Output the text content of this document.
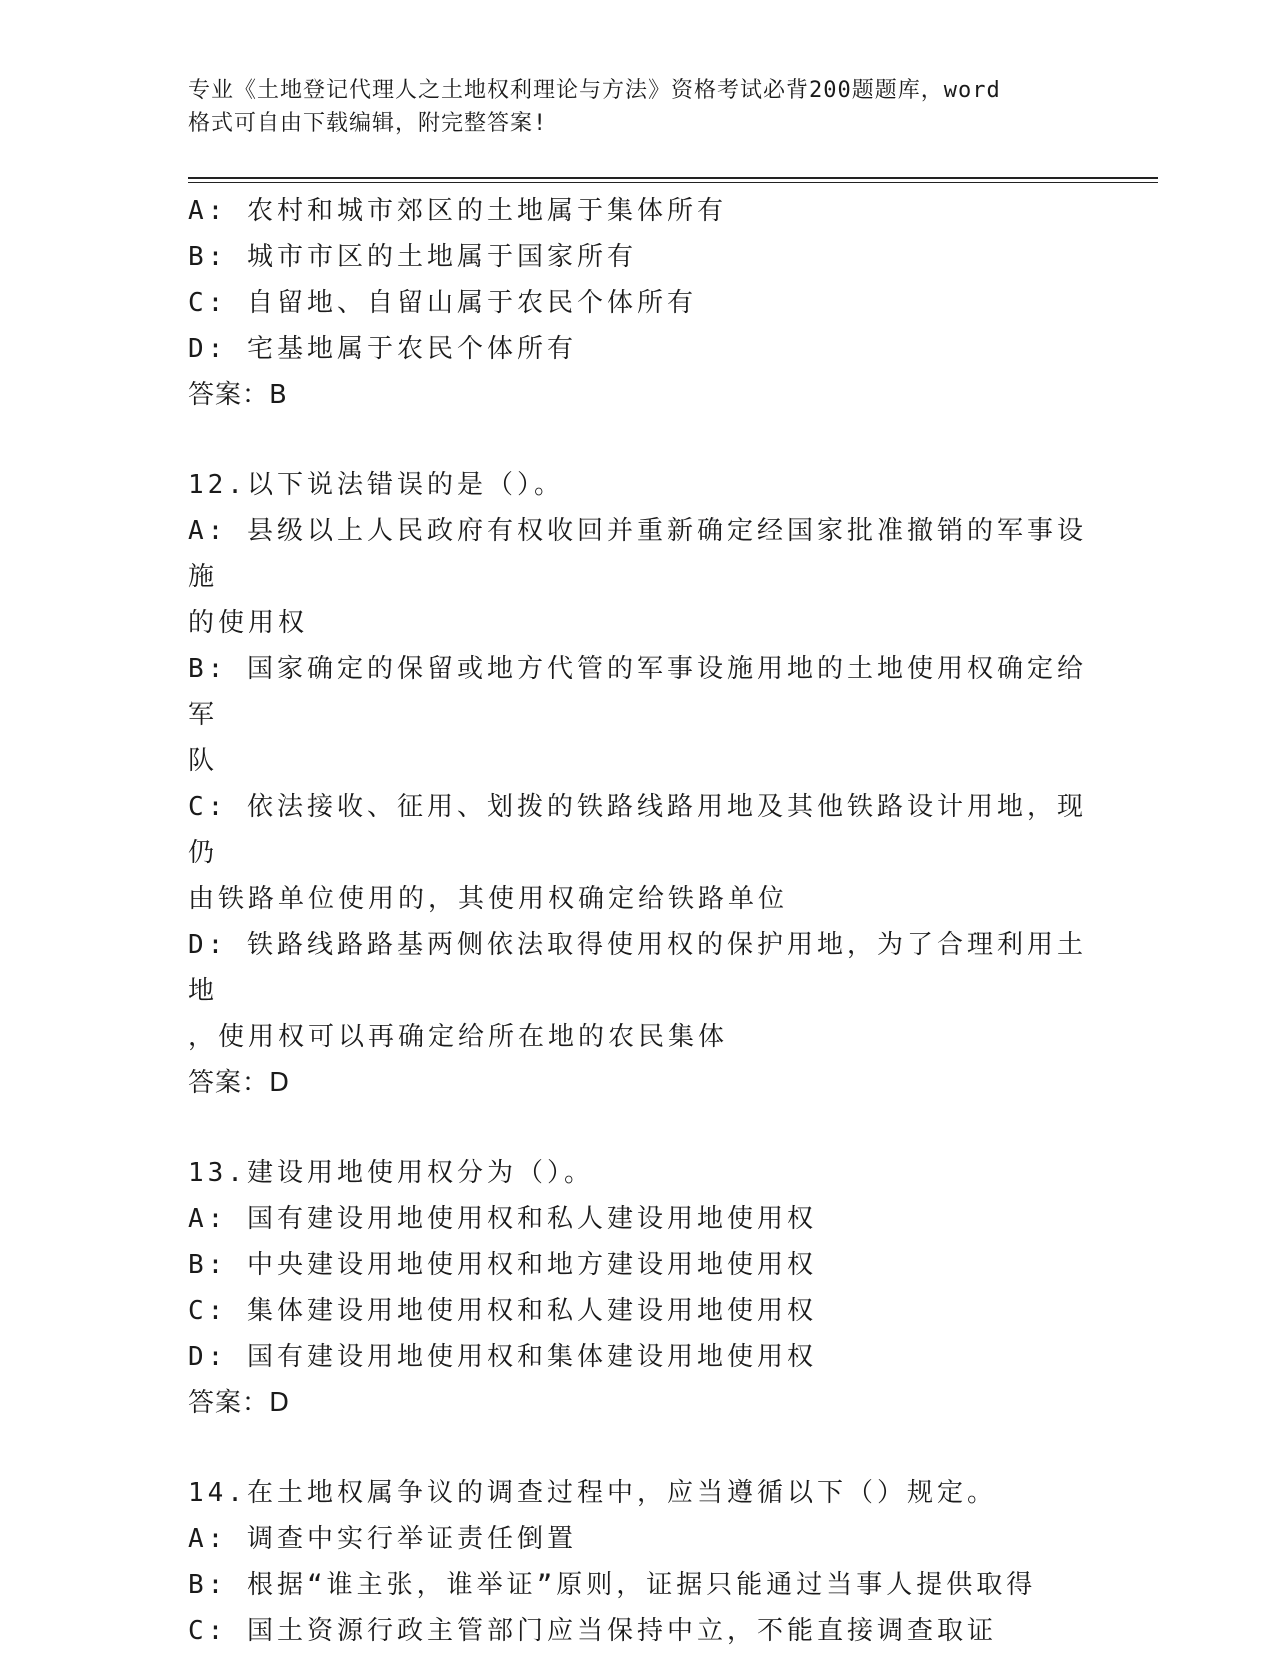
专业《土地登记代理人之土地权利理论与方法》资格考试必背200题题库，word
格式可自由下载编辑，附完整答案!

A: 农村和城市郊区的土地属于集体所有

B: 城市市区的土地属于国家所有

C: 自留地、自留山属于农民个体所有

D: 宅基地属于农民个体所有

答案：B

12.以下说法错误的是（）。

A: 县级以上人民政府有权收回并重新确定经国家批准撤销的军事设施

的使用权

B: 国家确定的保留或地方代管的军事设施用地的土地使用权确定给军

队

C: 依法接收、征用、划拨的铁路线路用地及其他铁路设计用地，现仍

由铁路单位使用的，其使用权确定给铁路单位

D: 铁路线路路基两侧依法取得使用权的保护用地，为了合理利用土地

，使用权可以再确定给所在地的农民集体

答案：D

13.建设用地使用权分为（）。

A: 国有建设用地使用权和私人建设用地使用权

B: 中央建设用地使用权和地方建设用地使用权

C: 集体建设用地使用权和私人建设用地使用权

D: 国有建设用地使用权和集体建设用地使用权

答案：D

14.在土地权属争议的调查过程中，应当遵循以下（）规定。

A: 调查中实行举证责任倒置

B: 根据“谁主张，谁举证”原则，证据只能通过当事人提供取得

C: 国土资源行政主管部门应当保持中立，不能直接调查取证
